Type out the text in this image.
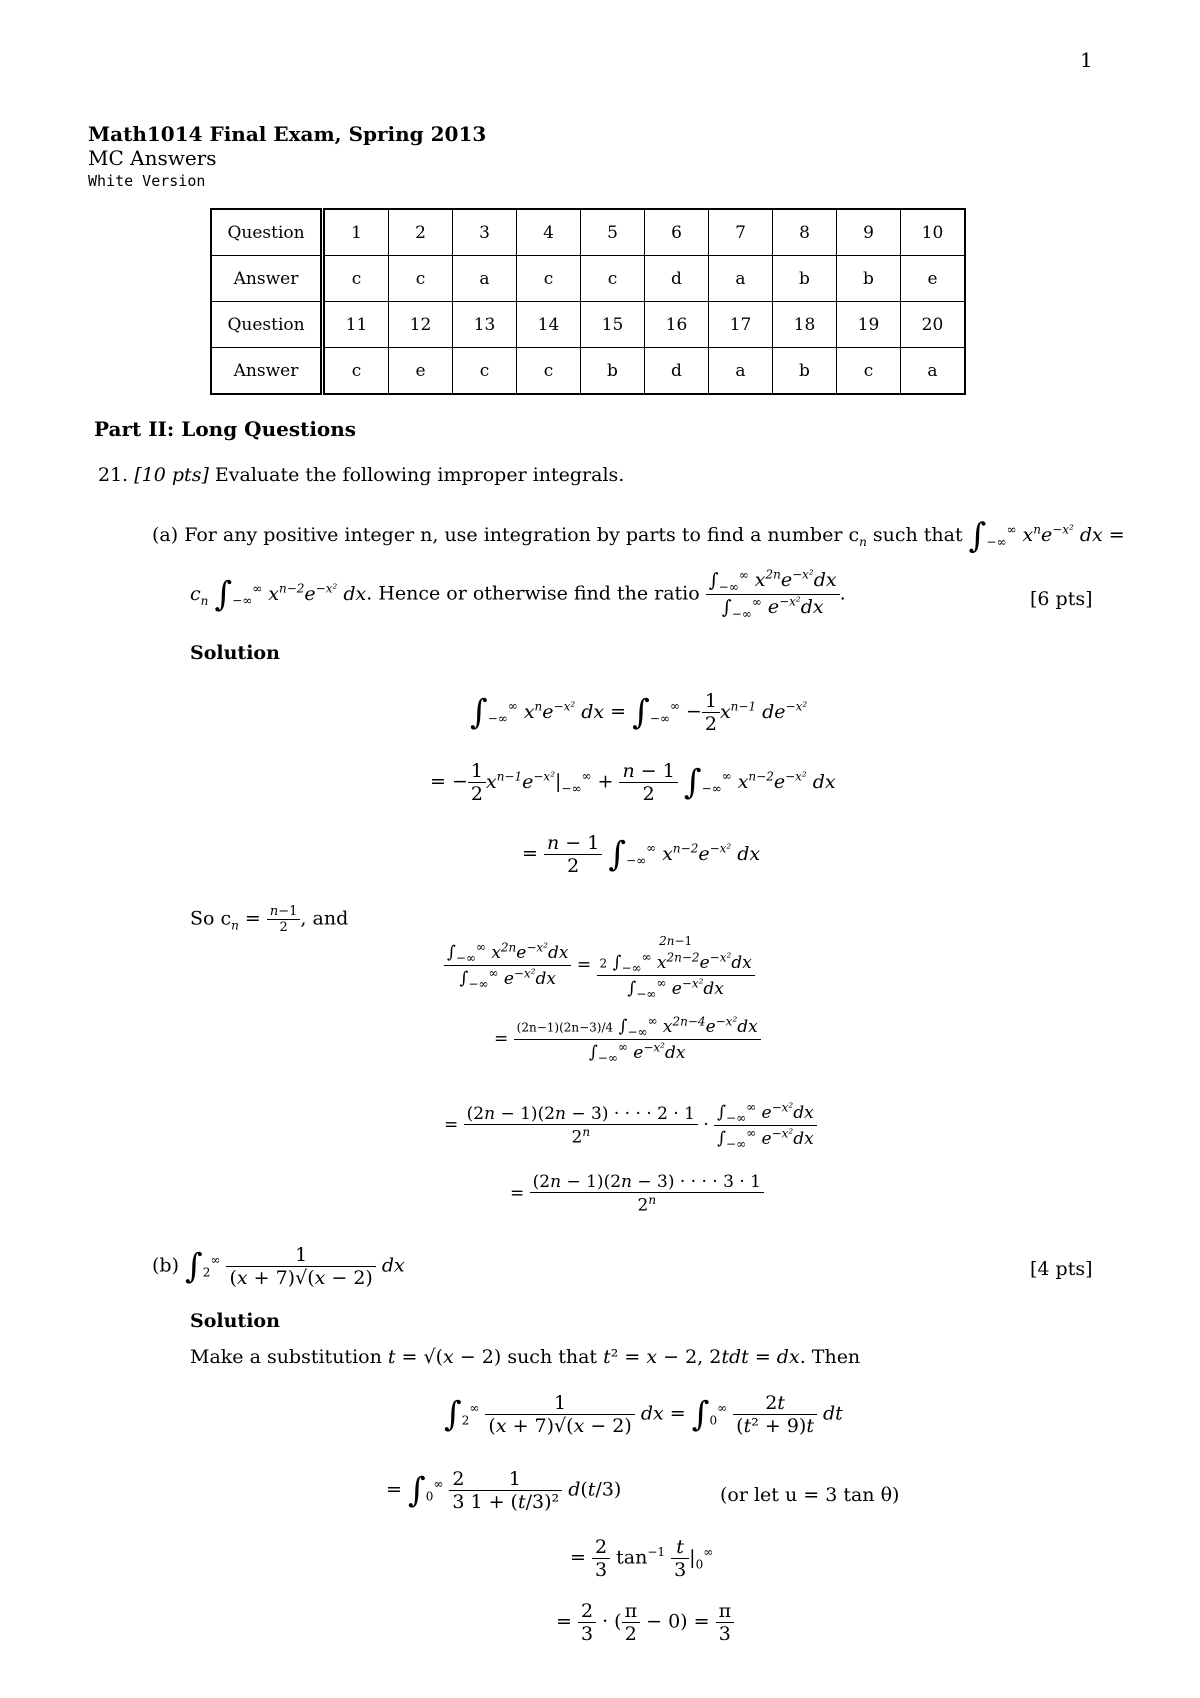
1
Math1014 Final Exam, Spring 2013
MC Answers
White Version
Question	1	2	3	4	5	6	7	8	9	10
Answer	c	c	a	c	c	d	a	b	b	e
Question	11	12	13	14	15	16	17	18	19	20
Answer	c	e	c	c	b	d	a	b	c	a
Part II: Long Questions
21. [10 pts] Evaluate the following improper integrals.
(a) For any positive integer n, use integration by parts to find a number $c_n$ such that $\int_{-\infty}^\infty$ $x^ne^{-x^2}$ dx =
$c_n$ $\int_{-\infty}^\infty$ $x^{n-2}e^{-x^2}$ dx. Hence or otherwise find the ratio $\frac{\int_{-\infty}^\infty x^{2n}e^{-x^2}dx}{\int_{-\infty}^\infty e^{-x^2}dx}$ .	[6 pts]
Solution
$\int_{-\infty}^\infty$ $x^ne^{-x^2}$ dx = $\int_{-\infty}^\infty - \frac{1}{2} x^{n-1}$ $de^{-x^2}$
= − $\frac{1}{2} x^{n-1}e^{-x^2}|_{-\infty}^\infty + \frac{n - 1}{2} \int_{-\infty}^\infty$ $x^{n-2}e^{-x^2}$ dx
= $\frac{n - 1}{2} \int_{-\infty}^\infty$ $x^{n-2}e^{-x^2}$ dx
So $c_n = \frac{n-1}{2}$ , and
$\frac{\int_{-\infty}^\infty x^{2n}e^{-x^2}dx}{\int_{-\infty}^\infty e^{-x^2}dx}$ =
2n−1
2 $\int_{-\infty}^\infty$ $x^{2n-2}e^{-x^2}dx$
$\int_{-\infty}^\infty$ $e^{-x^2}dx$
= $\frac{(2n-1)(2n-3)/4 \int_{-\infty}^\infty x^{2n-4}e^{-x^2}dx}{\int_{-\infty}^\infty e^{-x^2}dx}$
= $\frac{(2n - 1)(2n - 3) \cdot \cdot \cdot \cdot 2 \cdot 1}{2^n} \cdot \frac{\int_{-\infty}^\infty e^{-x^2}dx}{\int_{-\infty}^\infty e^{-x^2}dx}$
= $\frac{(2n - 1)(2n - 3) \cdot \cdot \cdot \cdot 3 \cdot 1}{2^n}$
(b) $\int_2^\infty \frac{1}{(x + 7)√(x - 2)}$ dx	[4 pts]
Solution
Make a substitution t = √(x − 2) such that t² = x − 2, 2tdt = dx. Then
$\int_2^\infty \frac{1}{(x + 7)√(x - 2)}$ dx = $\int_0^\infty \frac{2t}{\text{(t² + 9)t}}$ dt
= $\int_0^\infty \frac{2}{3} \frac{1}{\text{1 + (t/3)²}} d(t/3)$	(or let u = 3 tan θ)
= $\frac{2}{3} \tan^{-1} \frac{t}{3} |_0^\infty$
= $\frac{2}{3}$ · ( $\frac{\pi}{2} - 0) = \frac{\pi}{3}$
